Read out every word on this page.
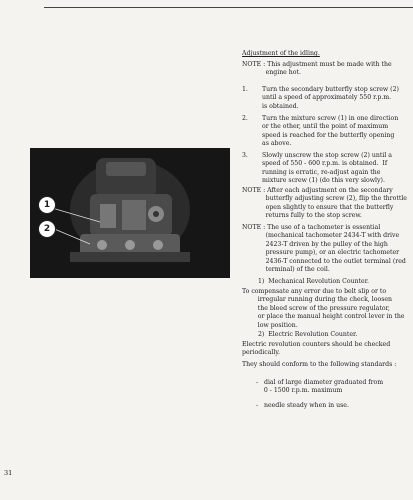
1
2
Adjustment of the idling.
NOTE : This adjustment must be made with the
engine hot.
1. Turn the secondary butterfly stop screw (2)
until a speed of approximately 550 r.p.m.
is obtained.
2. Turn the mixture screw (1) in one direction
or the other, until the point of maximum
speed is reached for the butterfly opening
as above.
3. Slowly unscrew the stop screw (2) until a
speed of 550 - 600 r.p.m. is obtained.  If
running is erratic, re-adjust again the
mixture screw (1) (do this very slowly).
NOTE : After each adjustment on the secondary
butterfly adjusting screw (2), flip the throttle
open slightly to ensure that the butterfly
returns fully to the stop screw.
NOTE : The use of a tachometer is essential
(mechanical tachometer 2434-T with drive
2423-T driven by the pulley of the high
pressure pump), or an electric tachometer
2436-T connected to the outlet terminal (red
terminal) of the coil.
1)  Mechanical Revolution Counter.
To compensate any error due to belt slip or to
irregular running during the check, loosen
the bleed screw of the pressure regulator,
or place the manual height control lever in the
low position.
2)  Electric Revolution Counter.
Electric revolution counters should be checked
periodically.
They should conform to the following standards :
-   dial of large diameter graduated from
0 - 1500 r.p.m. maximum
-   needle steady when in use.
31
